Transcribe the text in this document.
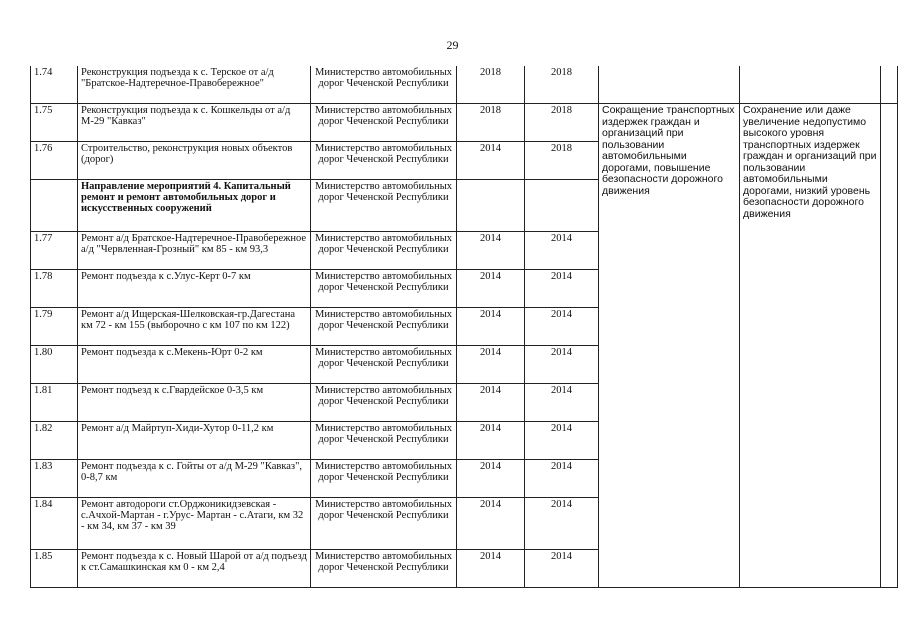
29
1.74	Реконструкция подъезда к с. Терское от а/д "Братское-Надтеречное-Правобережное"	Министерство автомобильных дорог Чеченской Республики	2018	2018			
1.75	Реконструкция подъезда к с. Кошкельды от а/д М-29 "Кавказ"	Министерство автомобильных дорог Чеченской Республики	2018	2018	Сокращение транспортных издержек граждан и организаций при пользовании автомобильными дорогами, повышение безопасности дорожного движения	Сохранение или даже увеличение недопустимо высокого уровня транспортных издержек граждан и организаций при пользовании автомобильными дорогами, низкий уровень безопасности дорожного движения	
1.76	Строительство, реконструкция новых объектов (дорог)	Министерство автомобильных дорог Чеченской Республики	2014	2018			
	Направление мероприятий 4. Капитальный ремонт и ремонт автомобильных дорог и искусственных сооружений	Министерство автомобильных дорог Чеченской Республики					
1.77	Ремонт а/д Братское-Надтеречное-Правобережное а/д "Червленная-Грозный" км 85 - км 93,3	Министерство автомобильных дорог Чеченской Республики	2014	2014			
1.78	Ремонт подъезда к с.Улус-Керт 0-7 км	Министерство автомобильных дорог Чеченской Республики	2014	2014			
1.79	Ремонт а/д Ищерская-Шелковская-гр.Дагестана км 72 - км 155 (выборочно с км 107 по км 122)	Министерство автомобильных дорог Чеченской Республики	2014	2014			
1.80	Ремонт подъезда к с.Мекень-Юрт 0-2 км	Министерство автомобильных дорог Чеченской Республики	2014	2014			
1.81	Ремонт подъезд к с.Гвардейское 0-3,5 км	Министерство автомобильных дорог Чеченской Республики	2014	2014			
1.82	Ремонт а/д Майртуп-Хиди-Хутор 0-11,2 км	Министерство автомобильных дорог Чеченской Республики	2014	2014			
1.83	Ремонт подъезда к с. Гойты от а/д М-29 "Кавказ", 0-8,7 км	Министерство автомобильных дорог Чеченской Республики	2014	2014			
1.84	Ремонт автодороги ст.Орджоникидзевская - с.Ачхой-Мартан - г.Урус- Мартан - с.Атаги, км 32 - км 34, км 37 - км 39	Министерство автомобильных дорог Чеченской Республики	2014	2014			
1.85	Ремонт подъезда к с. Новый Шарой от а/д подъезд к ст.Самашкинская км 0 - км 2,4	Министерство автомобильных дорог Чеченской Республики	2014	2014			
